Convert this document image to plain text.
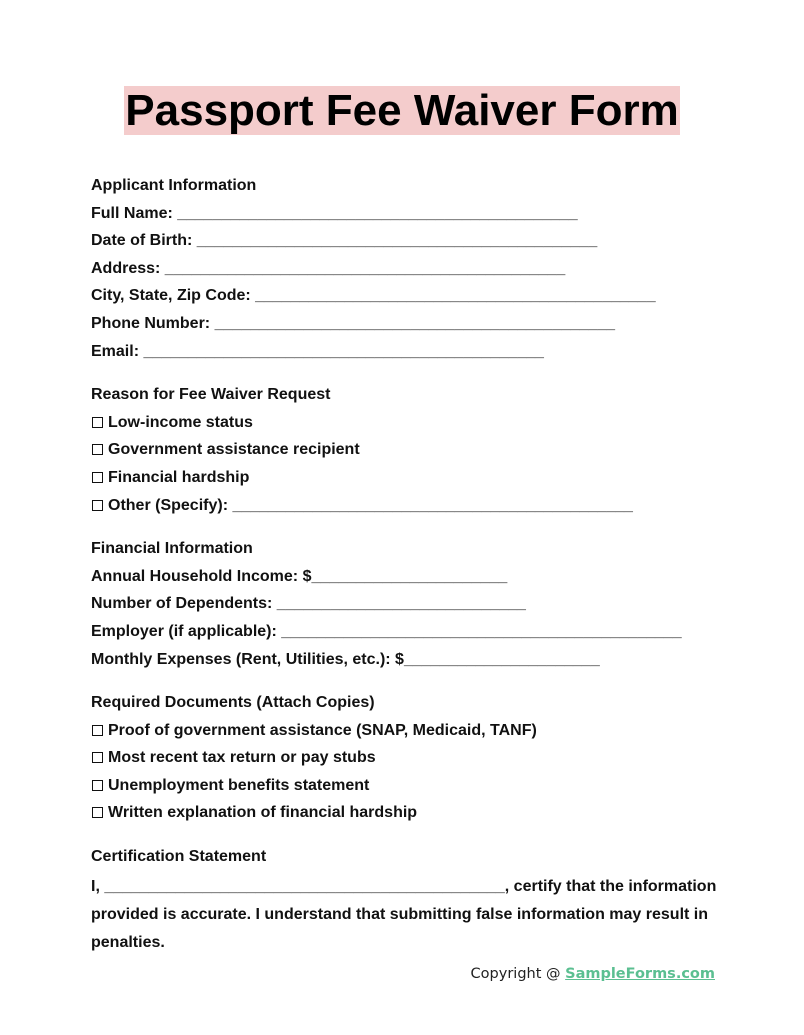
Passport Fee Waiver Form
Applicant Information
Full Name: _____________________________________________
Date of Birth: _____________________________________________
Address: _____________________________________________
City, State, Zip Code: _____________________________________________
Phone Number: _____________________________________________
Email: _____________________________________________
Reason for Fee Waiver Request
Low-income status
Government assistance recipient
Financial hardship
Other (Specify): _____________________________________________
Financial Information
Annual Household Income: $______________________
Number of Dependents: ____________________________
Employer (if applicable): _____________________________________________
Monthly Expenses (Rent, Utilities, etc.): $______________________
Required Documents (Attach Copies)
Proof of government assistance (SNAP, Medicaid, TANF)
Most recent tax return or pay stubs
Unemployment benefits statement
Written explanation of financial hardship
Certification Statement
I, _____________________________________________, certify that the information provided is accurate. I understand that submitting false information may result in penalties.
Copyright @ SampleForms.com
